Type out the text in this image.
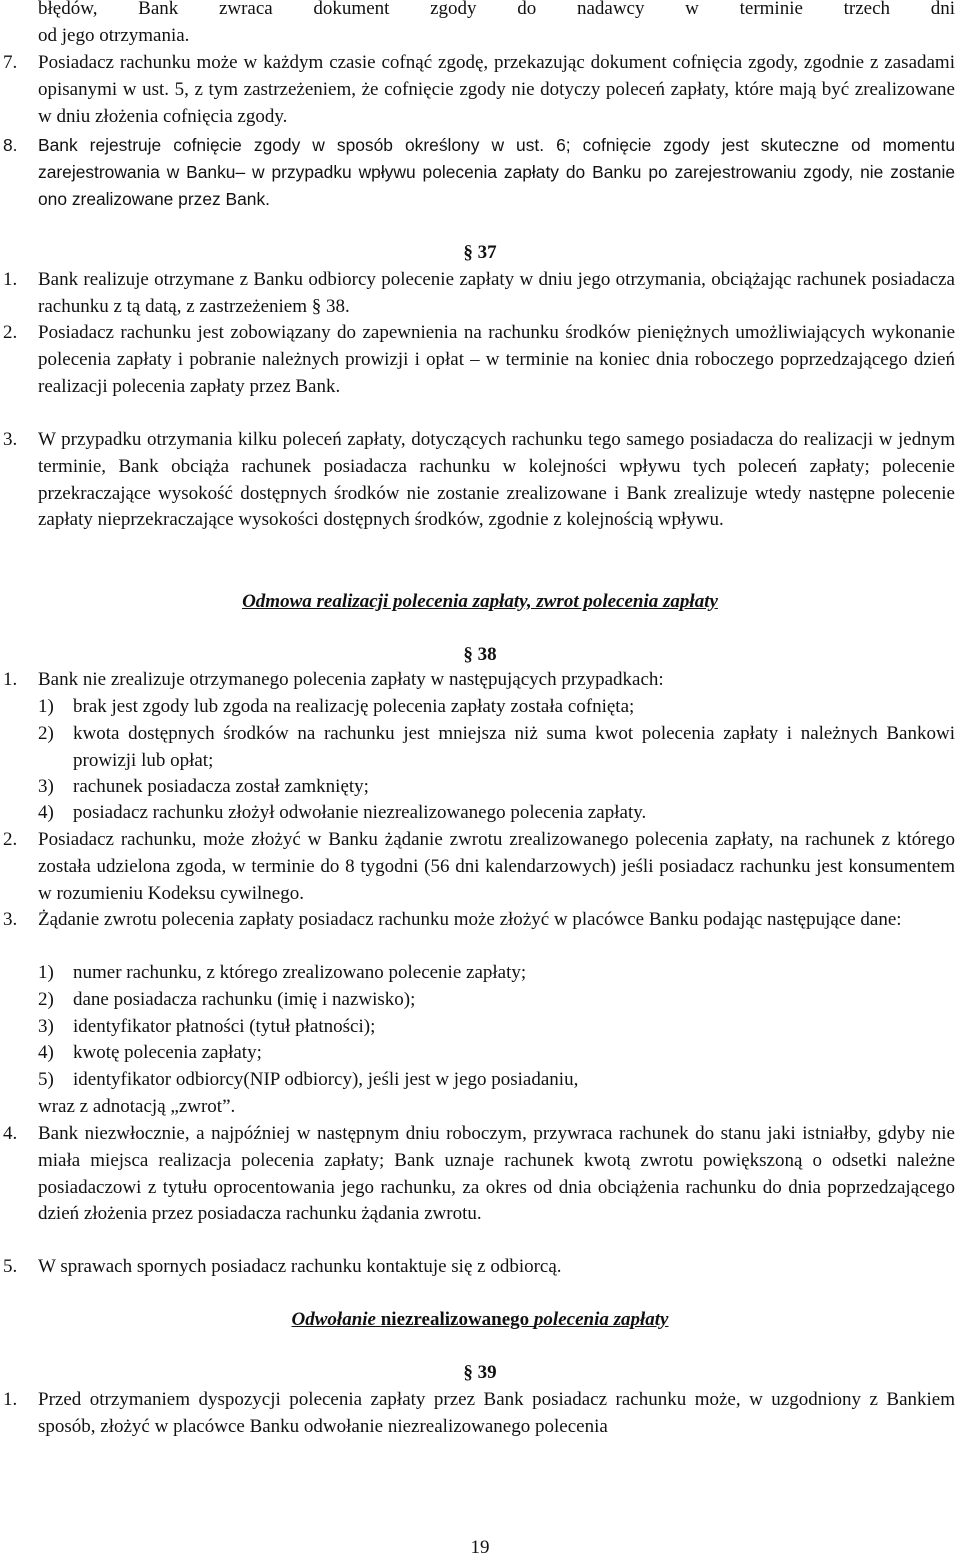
błędów, Bank zwraca dokument zgody do nadawcy w terminie trzech dni
od jego otrzymania.
7. Posiadacz rachunku może w każdym czasie cofnąć zgodę, przekazując dokument cofnięcia zgody, zgodnie z zasadami opisanymi w ust. 5, z tym zastrzeżeniem, że cofnięcie zgody nie dotyczy poleceń zapłaty, które mają być zrealizowane w dniu złożenia cofnięcia zgody.
8. Bank rejestruje cofnięcie zgody w sposób określony w ust. 6; cofnięcie zgody jest skuteczne od momentu zarejestrowania w Banku– w przypadku wpływu polecenia zapłaty do Banku po zarejestrowaniu zgody, nie zostanie ono zrealizowane przez Bank.
§ 37
1. Bank realizuje otrzymane z Banku odbiorcy polecenie zapłaty w dniu jego otrzymania, obciążając rachunek posiadacza rachunku z tą datą, z zastrzeżeniem § 38.
2. Posiadacz rachunku jest zobowiązany do zapewnienia na rachunku środków pieniężnych umożliwiających wykonanie polecenia zapłaty i pobranie należnych prowizji i opłat – w terminie na koniec dnia roboczego poprzedzającego dzień realizacji polecenia zapłaty przez Bank.
3. W przypadku otrzymania kilku poleceń zapłaty, dotyczących rachunku tego samego posiadacza do realizacji w jednym terminie, Bank obciąża rachunek posiadacza rachunku w kolejności wpływu tych poleceń zapłaty; polecenie przekraczające wysokość dostępnych środków nie zostanie zrealizowane i Bank zrealizuje wtedy następne polecenie zapłaty nieprzekraczające wysokości dostępnych środków, zgodnie z kolejnością wpływu.
Odmowa realizacji polecenia zapłaty, zwrot polecenia zapłaty
§ 38
1. Bank nie zrealizuje otrzymanego polecenia zapłaty w następujących przypadkach:
1) brak jest zgody lub zgoda na realizację polecenia zapłaty została cofnięta;
2) kwota dostępnych środków na rachunku jest mniejsza niż suma kwot polecenia zapłaty i należnych Bankowi prowizji lub opłat;
3) rachunek posiadacza został zamknięty;
4) posiadacz rachunku złożył odwołanie niezrealizowanego polecenia zapłaty.
2. Posiadacz rachunku, może złożyć w Banku żądanie zwrotu zrealizowanego polecenia zapłaty, na rachunek z którego została udzielona zgoda, w terminie do 8 tygodni (56 dni kalendarzowych) jeśli posiadacz rachunku jest konsumentem w rozumieniu Kodeksu cywilnego.
3. Żądanie zwrotu polecenia zapłaty posiadacz rachunku może złożyć w placówce Banku podając następujące dane:
1) numer rachunku, z którego zrealizowano polecenie zapłaty;
2) dane posiadacza rachunku (imię i nazwisko);
3) identyfikator płatności (tytuł płatności);
4) kwotę polecenia zapłaty;
5) identyfikator odbiorcy(NIP odbiorcy), jeśli jest w jego posiadaniu,
wraz z adnotacją „zwrot”.
4. Bank niezwłocznie, a najpóźniej w następnym dniu roboczym, przywraca rachunek do stanu jaki istniałby, gdyby nie miała miejsca realizacja polecenia zapłaty; Bank uznaje rachunek kwotą zwrotu powiększoną o odsetki należne posiadaczowi z tytułu oprocentowania jego rachunku, za okres od dnia obciążenia rachunku do dnia poprzedzającego dzień złożenia przez posiadacza rachunku żądania zwrotu.
5. W sprawach spornych posiadacz rachunku kontaktuje się z odbiorcą.
Odwołanie niezrealizowanego polecenia zapłaty
§ 39
1. Przed otrzymaniem dyspozycji polecenia zapłaty przez Bank posiadacz rachunku może, w uzgodniony z Bankiem sposób, złożyć w placówce Banku odwołanie niezrealizowanego polecenia
19
